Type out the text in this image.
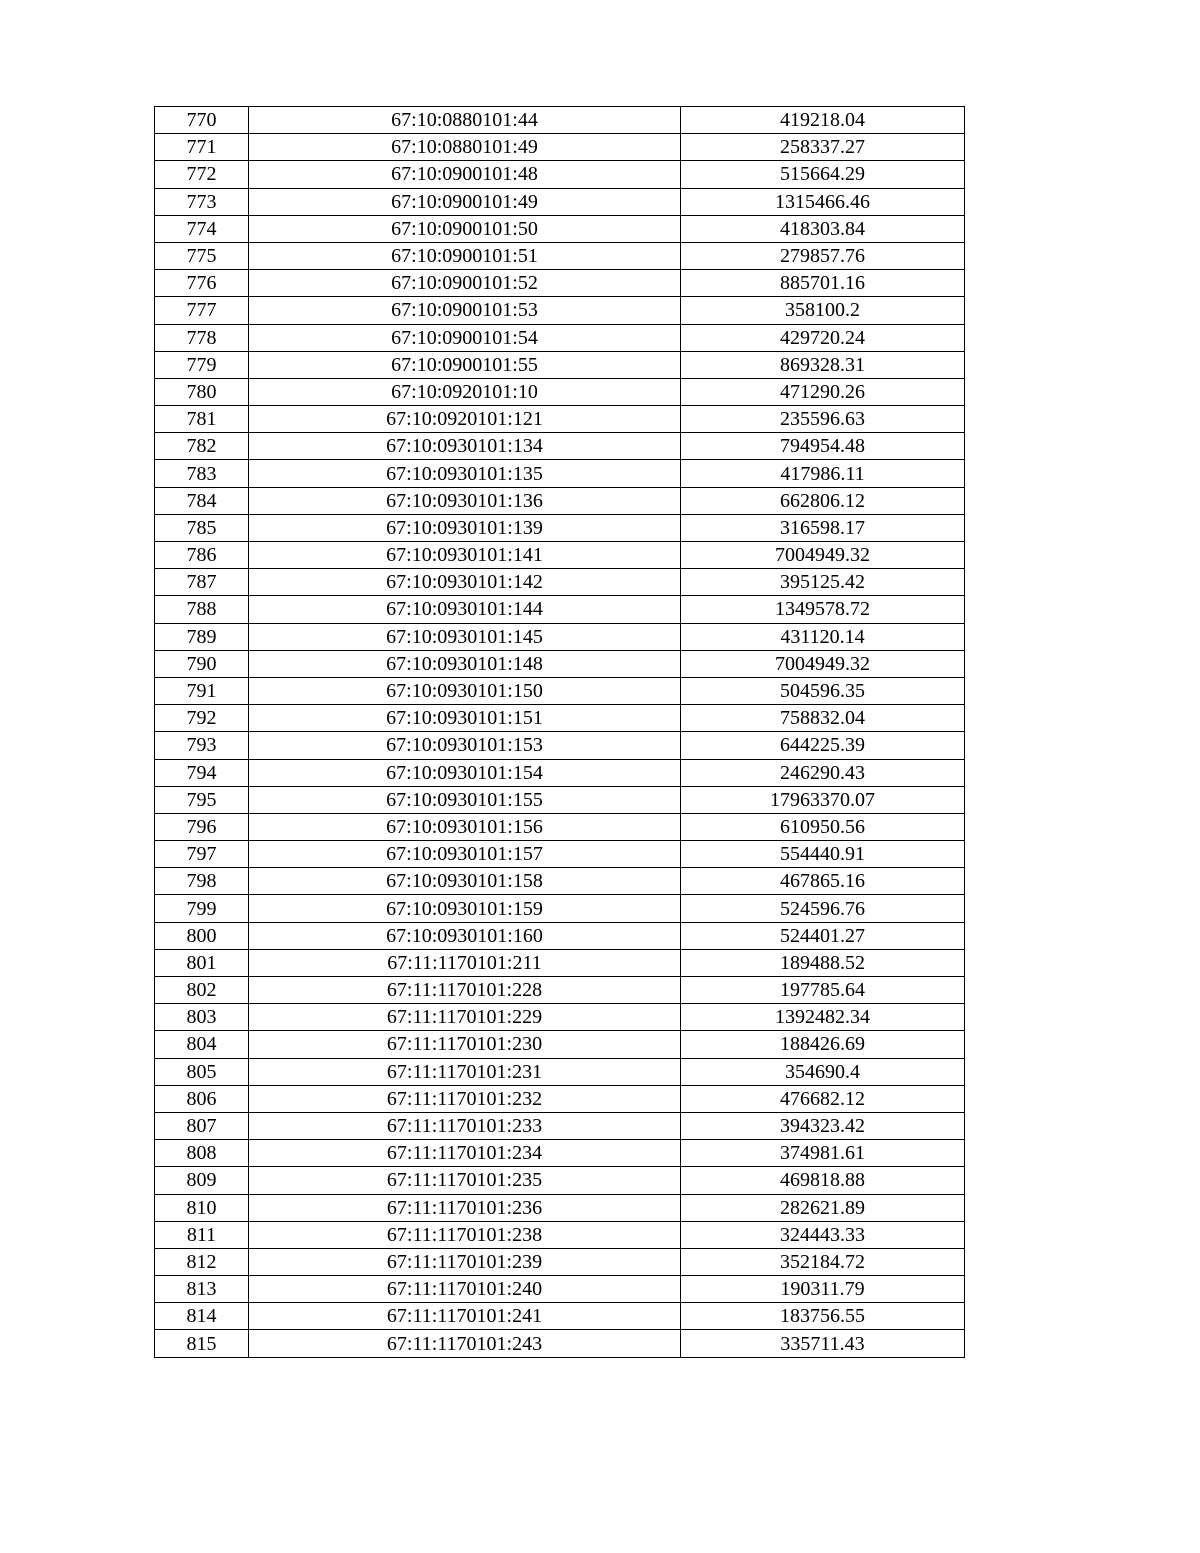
770	67:10:0880101:44	419218.04
771	67:10:0880101:49	258337.27
772	67:10:0900101:48	515664.29
773	67:10:0900101:49	1315466.46
774	67:10:0900101:50	418303.84
775	67:10:0900101:51	279857.76
776	67:10:0900101:52	885701.16
777	67:10:0900101:53	358100.2
778	67:10:0900101:54	429720.24
779	67:10:0900101:55	869328.31
780	67:10:0920101:10	471290.26
781	67:10:0920101:121	235596.63
782	67:10:0930101:134	794954.48
783	67:10:0930101:135	417986.11
784	67:10:0930101:136	662806.12
785	67:10:0930101:139	316598.17
786	67:10:0930101:141	7004949.32
787	67:10:0930101:142	395125.42
788	67:10:0930101:144	1349578.72
789	67:10:0930101:145	431120.14
790	67:10:0930101:148	7004949.32
791	67:10:0930101:150	504596.35
792	67:10:0930101:151	758832.04
793	67:10:0930101:153	644225.39
794	67:10:0930101:154	246290.43
795	67:10:0930101:155	17963370.07
796	67:10:0930101:156	610950.56
797	67:10:0930101:157	554440.91
798	67:10:0930101:158	467865.16
799	67:10:0930101:159	524596.76
800	67:10:0930101:160	524401.27
801	67:11:1170101:211	189488.52
802	67:11:1170101:228	197785.64
803	67:11:1170101:229	1392482.34
804	67:11:1170101:230	188426.69
805	67:11:1170101:231	354690.4
806	67:11:1170101:232	476682.12
807	67:11:1170101:233	394323.42
808	67:11:1170101:234	374981.61
809	67:11:1170101:235	469818.88
810	67:11:1170101:236	282621.89
811	67:11:1170101:238	324443.33
812	67:11:1170101:239	352184.72
813	67:11:1170101:240	190311.79
814	67:11:1170101:241	183756.55
815	67:11:1170101:243	335711.43
